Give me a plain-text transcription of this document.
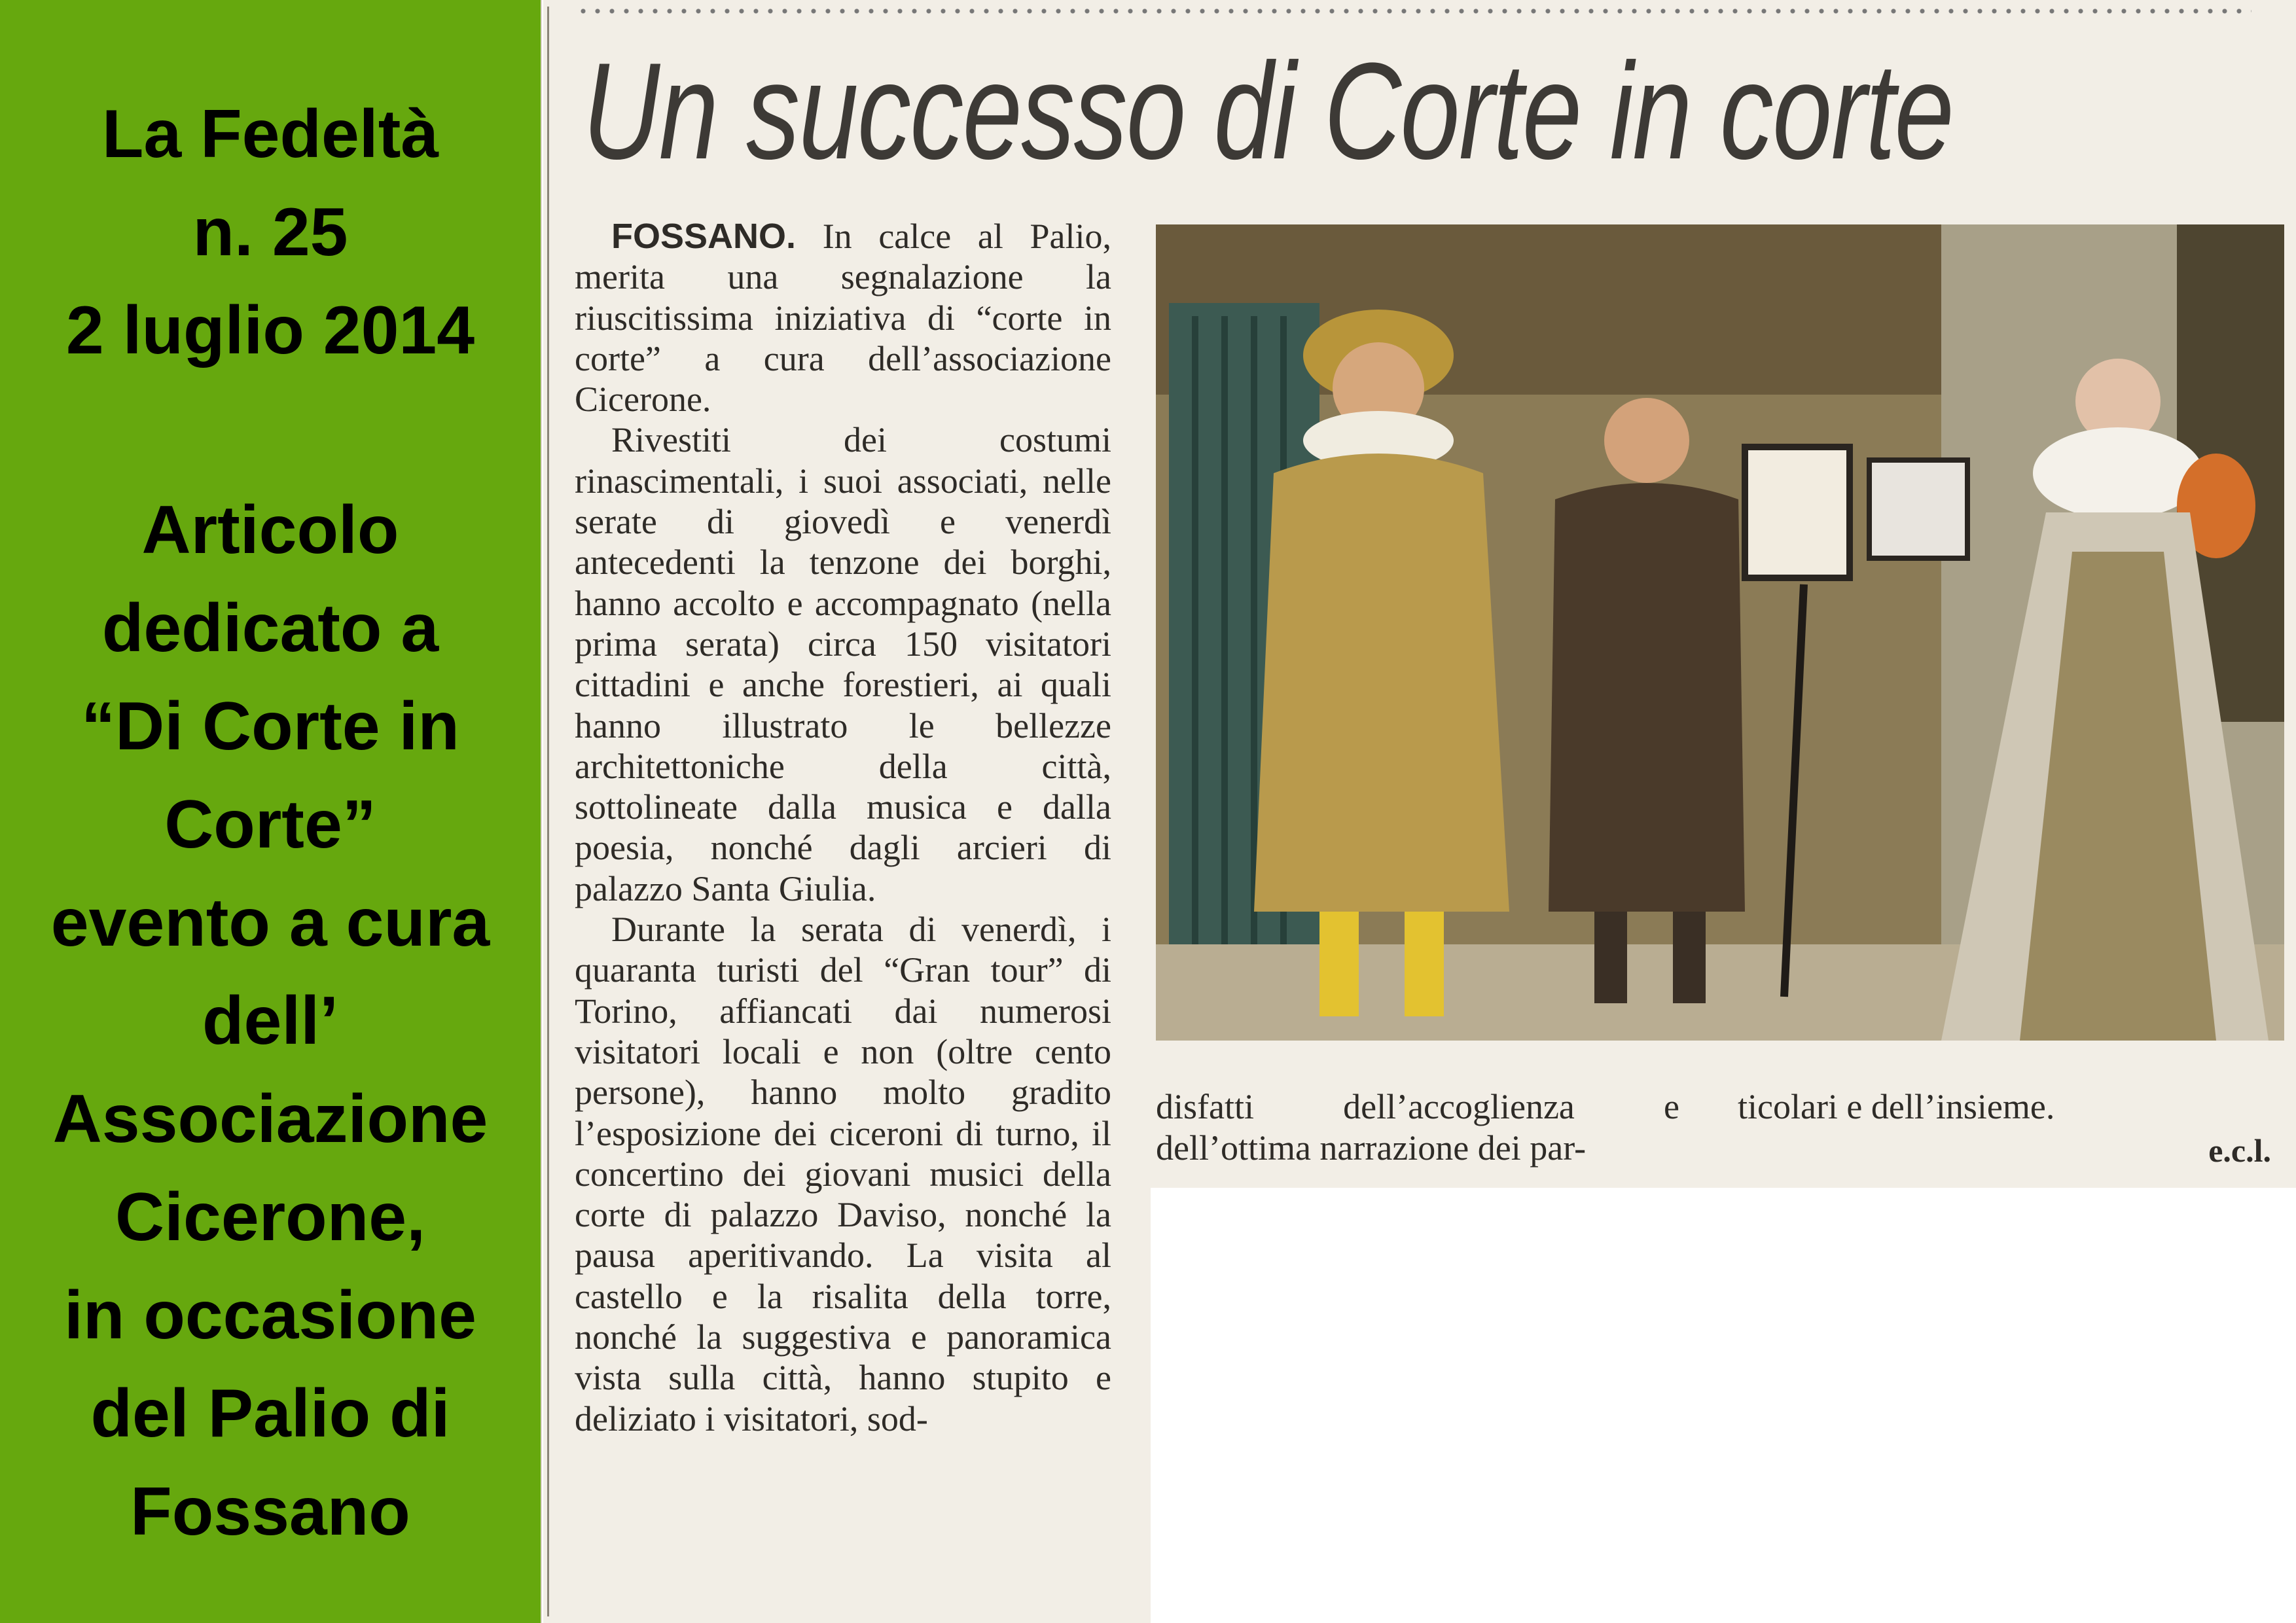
La Fedeltà
n. 25
2 luglio 2014
Articolo
dedicato a
“Di Corte in
Corte”
evento a cura
dell’
Associazione
Cicerone,
in occasione
del Palio di
Fossano
Un successo di Corte in corte

FOSSANO. In calce al Palio, merita una segnalazione la riuscitissima iniziativa di “corte in corte” a cura dell’associazione Cicerone.

Rivestiti dei costumi rinascimentali, i suoi associati, nelle serate di giovedì e venerdì antecedenti la tenzone dei borghi, hanno accolto e accompagnato (nella prima serata) circa 150 visitatori cittadini e anche forestieri, ai quali hanno illustrato le bellezze architettoniche della città, sottolineate dalla musica e dalla poesia, nonché dagli arcieri di palazzo Santa Giulia.

Durante la serata di venerdì, i quaranta turisti del “Gran tour” di Torino, affiancati dai numerosi visitatori locali e non (oltre cento persone), hanno molto gradito l’esposizione dei ciceroni di turno, il concertino dei giovani musici della corte di palazzo Daviso, nonché la pausa aperitivando. La visita al castello e la risalita della torre, nonché la suggestiva e panoramica vista sulla città, hanno stupito e deliziato i visitatori, sod-

disfatti dell’accoglienza e dell’ottima narrazione dei par-
ticolari e dell’insieme.
e.c.l.
